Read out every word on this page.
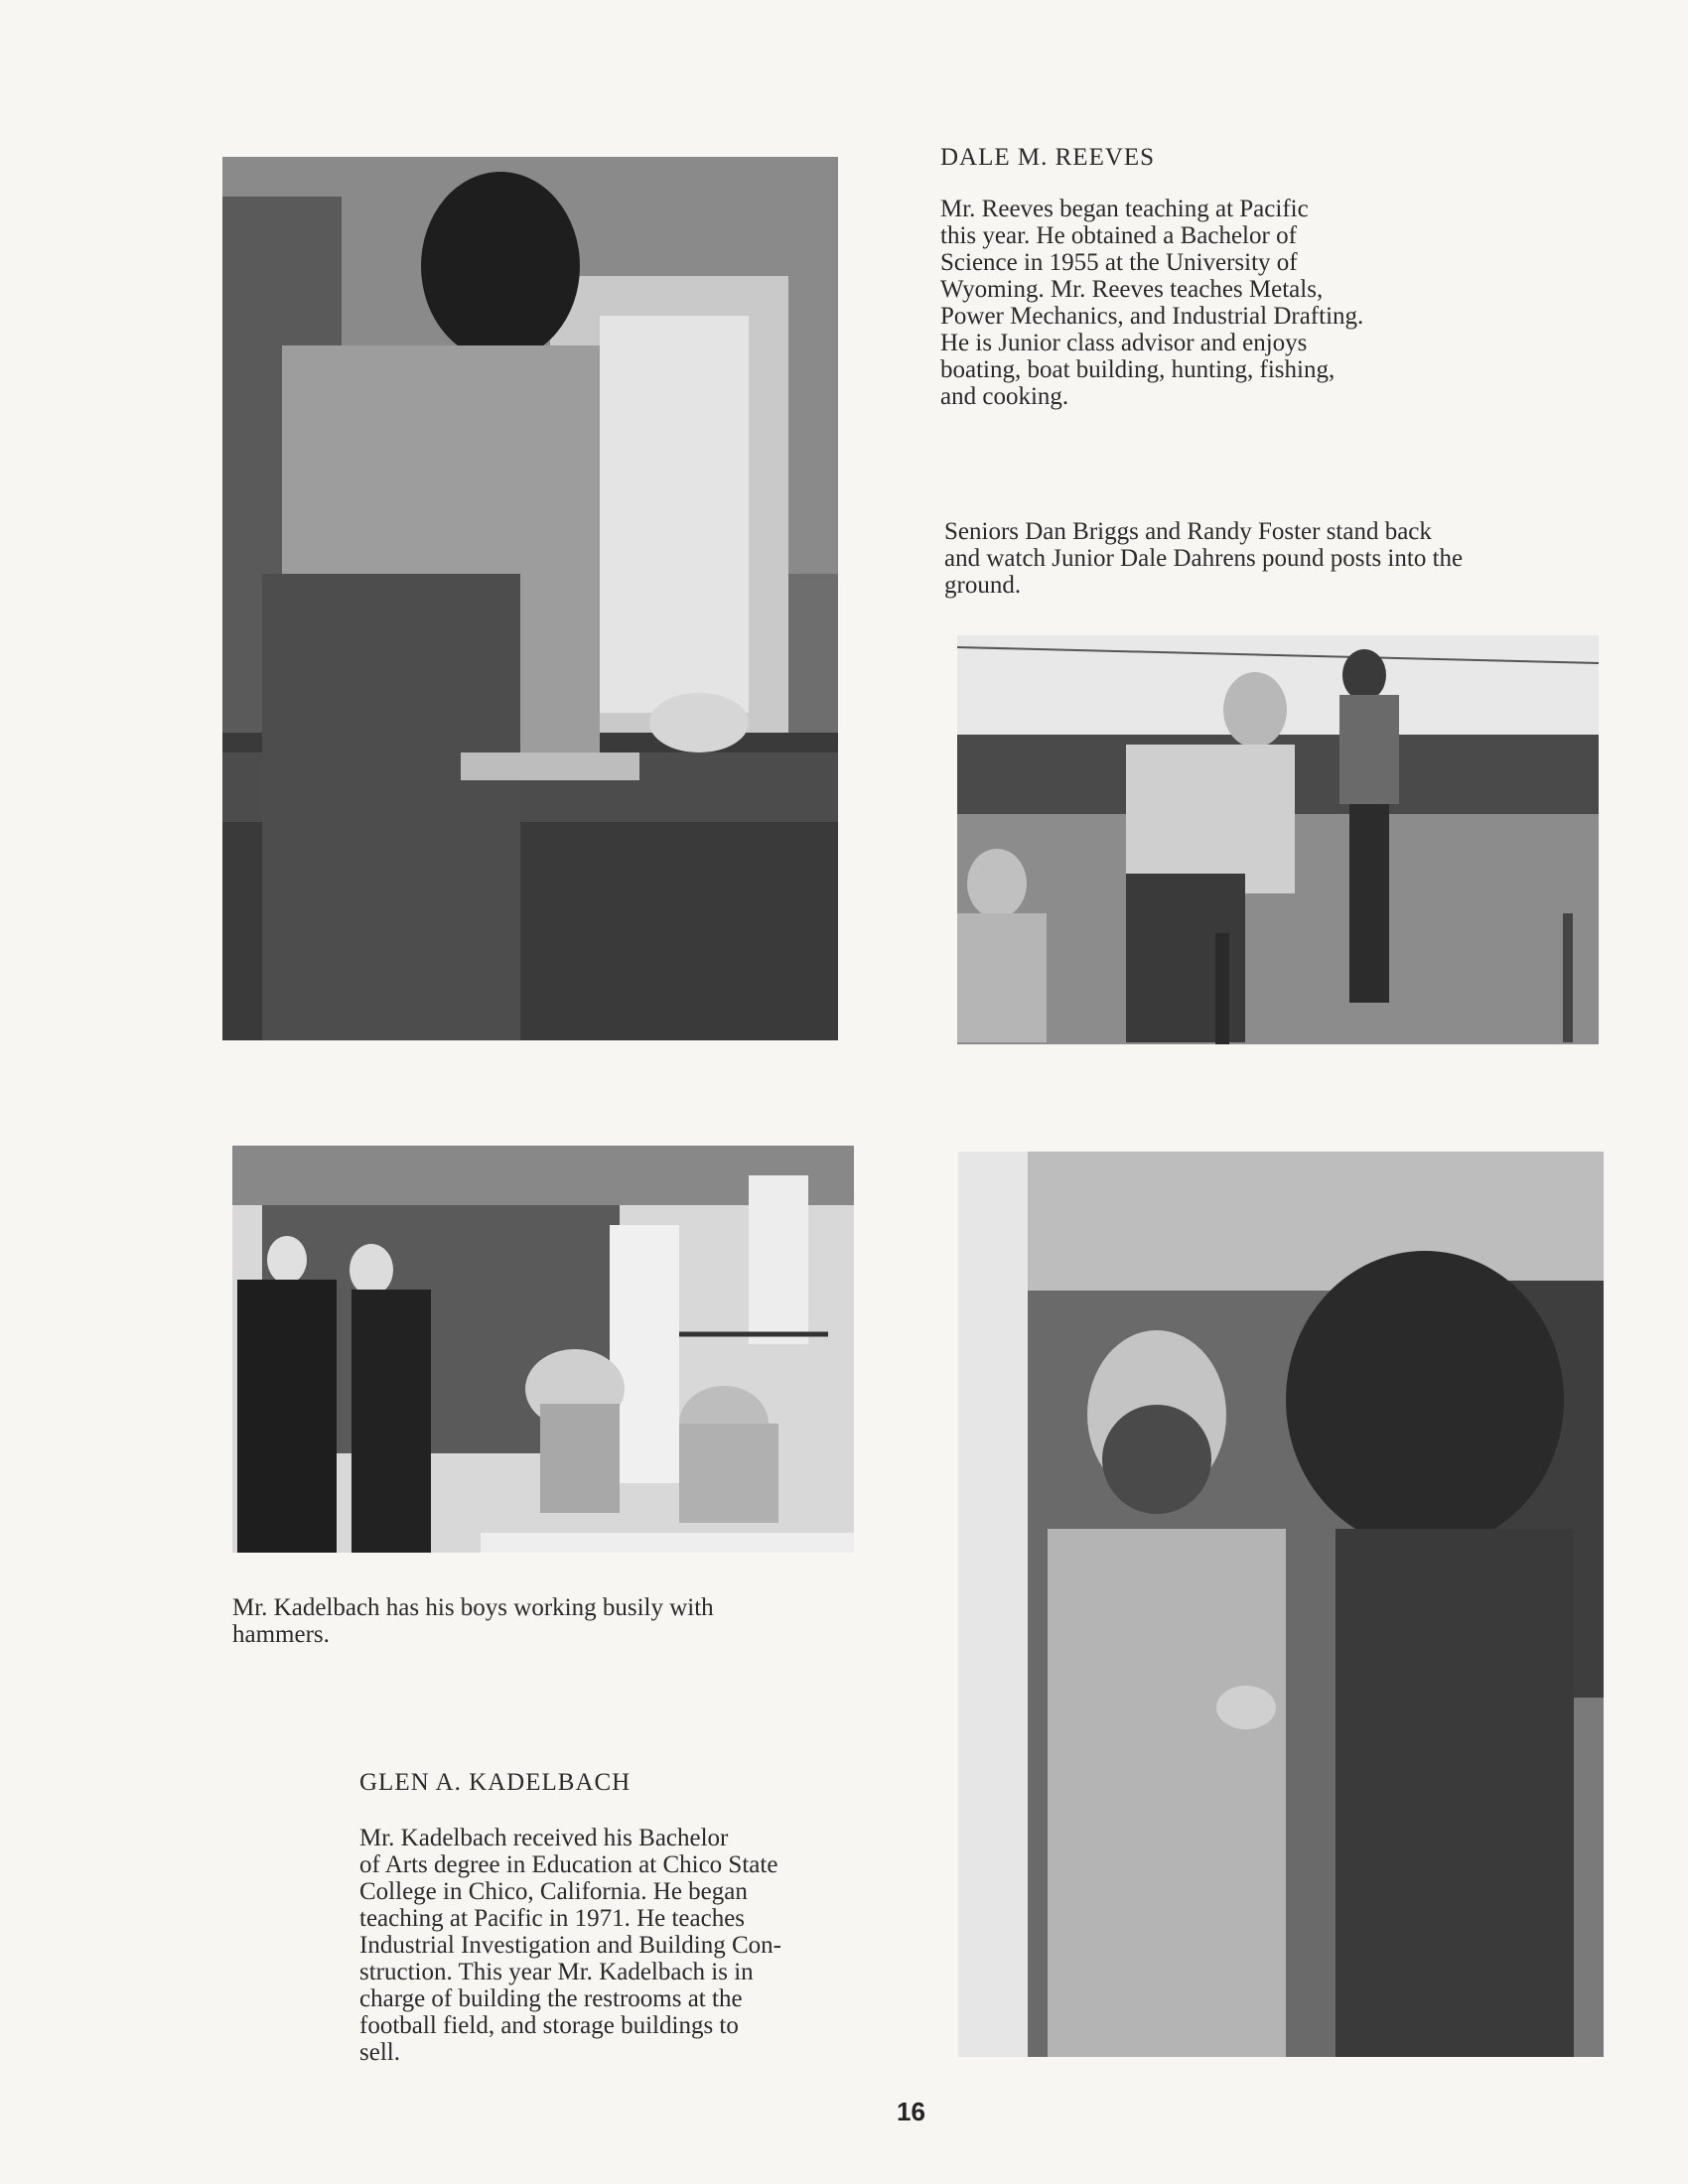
DALE M. REEVES
Mr. Reeves began teaching at Pacific
this year. He obtained a Bachelor of
Science in 1955 at the University of
Wyoming. Mr. Reeves teaches Metals,
Power Mechanics, and Industrial Drafting.
He is Junior class advisor and enjoys
boating, boat building, hunting, fishing,
and cooking.
Seniors Dan Briggs and Randy Foster stand back
and watch Junior Dale Dahrens pound posts into the
ground.
Mr. Kadelbach has his boys working busily with
hammers.
GLEN A. KADELBACH
Mr. Kadelbach received his Bachelor
of Arts degree in Education at Chico State
College in Chico, California. He began
teaching at Pacific in 1971. He teaches
Industrial Investigation and Building Con-
struction. This year Mr. Kadelbach is in
charge of building the restrooms at the
football field, and storage buildings to
sell.
16
